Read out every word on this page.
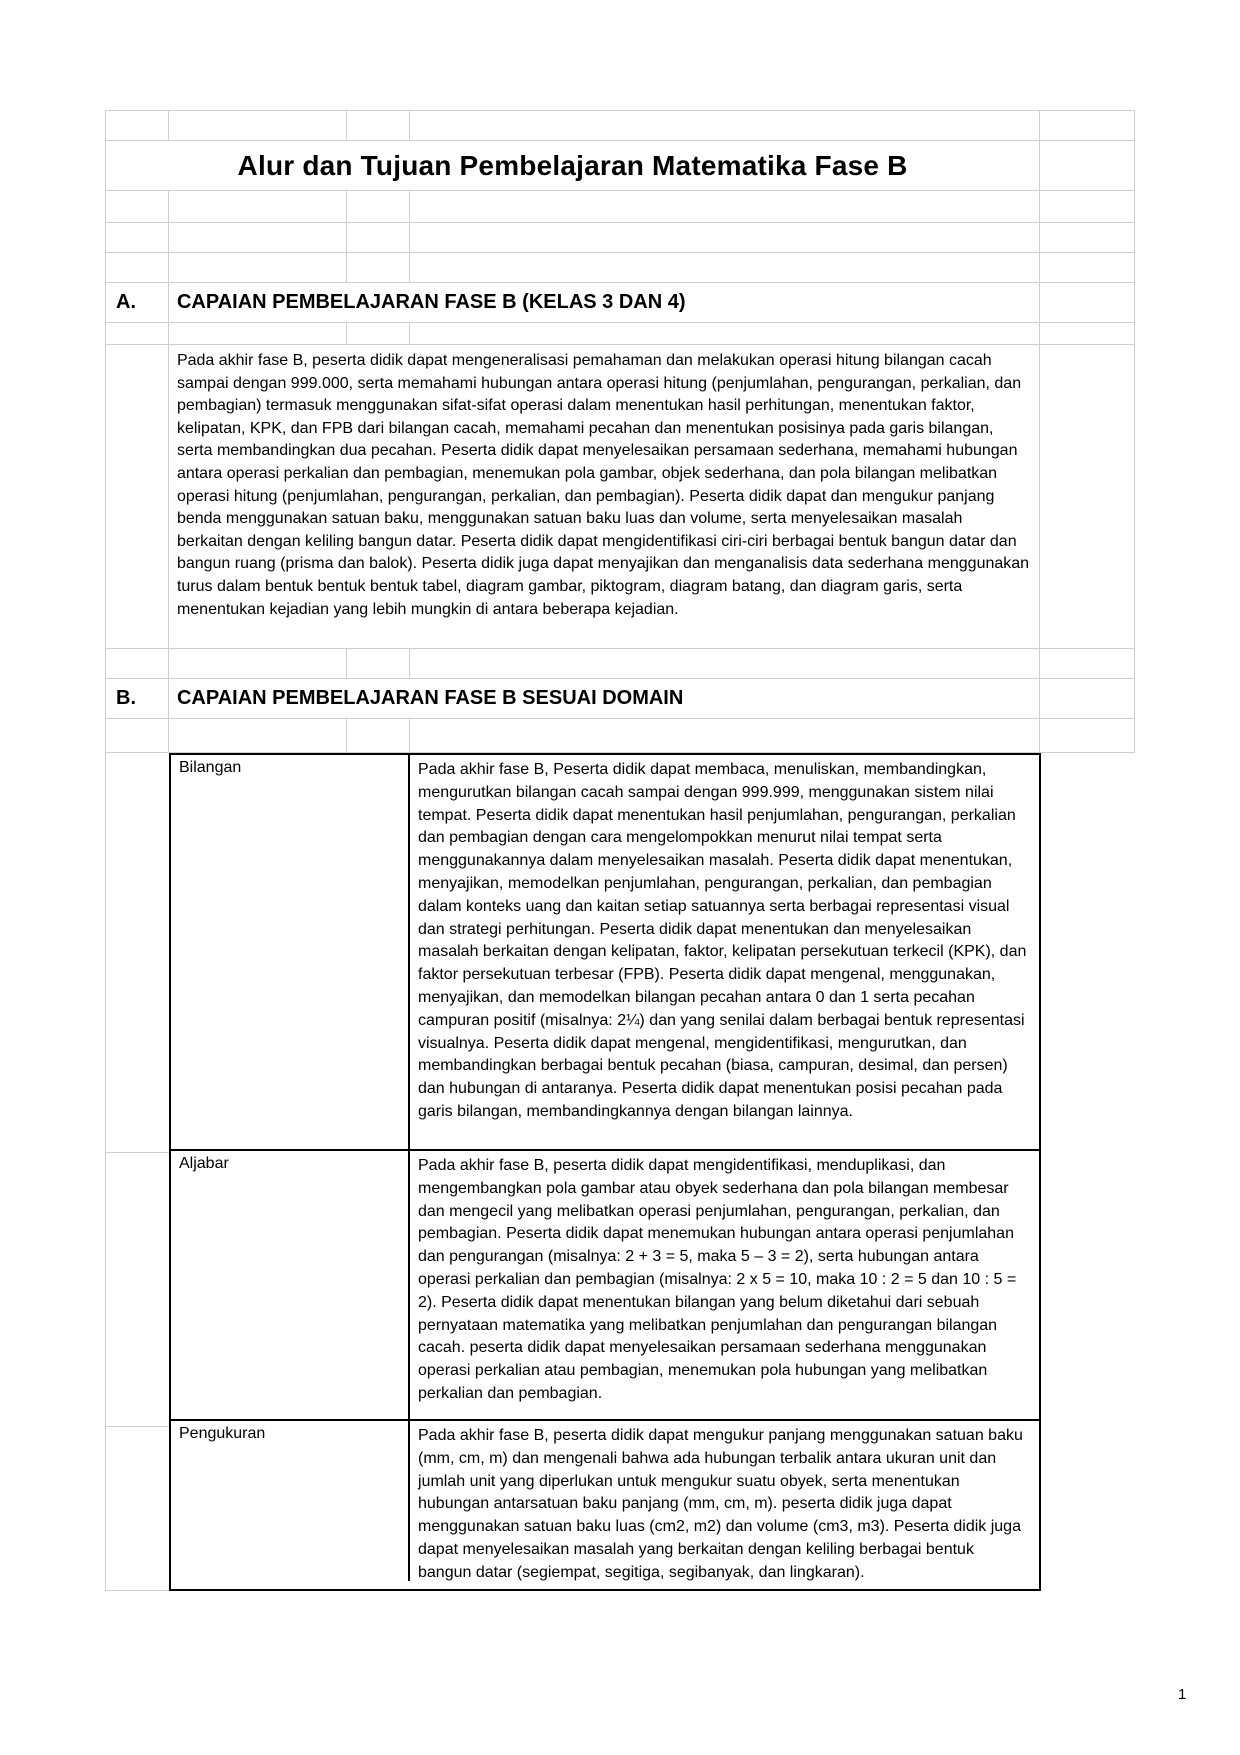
Alur dan Tujuan Pembelajaran Matematika Fase B
A.	CAPAIAN PEMBELAJARAN FASE B (KELAS 3 DAN 4)
Pada akhir fase B, peserta didik dapat mengeneralisasi pemahaman dan melakukan operasi hitung bilangan cacah sampai dengan 999.000, serta memahami hubungan antara operasi hitung (penjumlahan, pengurangan, perkalian, dan pembagian) termasuk menggunakan sifat-sifat operasi dalam menentukan hasil perhitungan, menentukan faktor, kelipatan, KPK, dan FPB dari bilangan cacah, memahami pecahan dan menentukan posisinya pada garis bilangan, serta membandingkan dua pecahan. Peserta didik dapat menyelesaikan persamaan sederhana, memahami hubungan antara operasi perkalian dan pembagian, menemukan pola gambar, objek sederhana, dan pola bilangan melibatkan operasi hitung (penjumlahan, pengurangan, perkalian, dan pembagian). Peserta didik dapat dan mengukur panjang benda menggunakan satuan baku, menggunakan satuan baku luas dan volume, serta menyelesaikan masalah berkaitan dengan keliling bangun datar. Peserta didik dapat mengidentifikasi ciri-ciri berbagai bentuk bangun datar dan bangun ruang (prisma dan balok). Peserta didik juga dapat menyajikan dan menganalisis data sederhana menggunakan turus dalam bentuk bentuk bentuk tabel, diagram gambar, piktogram, diagram batang, dan diagram garis, serta menentukan kejadian yang lebih mungkin di antara beberapa kejadian.
B.	CAPAIAN PEMBELAJARAN FASE B SESUAI DOMAIN
Bilangan	Pada akhir fase B, Peserta didik dapat membaca, menuliskan, membandingkan, mengurutkan bilangan cacah sampai dengan 999.999, menggunakan sistem nilai tempat. Peserta didik dapat menentukan hasil penjumlahan, pengurangan, perkalian dan pembagian dengan cara mengelompokkan menurut nilai tempat serta menggunakannya dalam menyelesaikan masalah. Peserta didik dapat menentukan, menyajikan, memodelkan penjumlahan, pengurangan, perkalian, dan pembagian dalam konteks uang dan kaitan setiap satuannya serta berbagai representasi visual dan strategi perhitungan. Peserta didik dapat menentukan dan menyelesaikan masalah berkaitan dengan kelipatan, faktor, kelipatan persekutuan terkecil (KPK), dan faktor persekutuan terbesar (FPB). Peserta didik dapat mengenal, menggunakan, menyajikan, dan memodelkan bilangan pecahan antara 0 dan 1 serta pecahan campuran positif (misalnya: 2¼) dan yang senilai dalam berbagai bentuk representasi visualnya. Peserta didik dapat mengenal, mengidentifikasi, mengurutkan, dan membandingkan berbagai bentuk pecahan (biasa, campuran, desimal, dan persen) dan hubungan di antaranya. Peserta didik dapat menentukan posisi pecahan pada garis bilangan, membandingkannya dengan bilangan lainnya.
Aljabar	Pada akhir fase B, peserta didik dapat mengidentifikasi, menduplikasi, dan mengembangkan pola gambar atau obyek sederhana dan pola bilangan membesar dan mengecil yang melibatkan operasi penjumlahan, pengurangan, perkalian, dan pembagian. Peserta didik dapat menemukan hubungan antara operasi penjumlahan dan pengurangan (misalnya: 2 + 3 = 5, maka 5 – 3 = 2), serta hubungan antara operasi perkalian dan pembagian (misalnya: 2 x 5 = 10, maka 10 : 2 = 5 dan 10 : 5 = 2). Peserta didik dapat menentukan bilangan yang belum diketahui dari sebuah pernyataan matematika yang melibatkan penjumlahan dan pengurangan bilangan cacah. peserta didik dapat menyelesaikan persamaan sederhana menggunakan operasi perkalian atau pembagian, menemukan pola hubungan yang melibatkan perkalian dan pembagian.
Pengukuran	Pada akhir fase B, peserta didik dapat mengukur panjang menggunakan satuan baku (mm, cm, m) dan mengenali bahwa ada hubungan terbalik antara ukuran unit dan jumlah unit yang diperlukan untuk mengukur suatu obyek, serta menentukan hubungan antarsatuan baku panjang (mm, cm, m). peserta didik juga dapat menggunakan satuan baku luas (cm2, m2) dan volume (cm3, m3). Peserta didik juga dapat menyelesaikan masalah yang berkaitan dengan keliling berbagai bentuk bangun datar (segiempat, segitiga, segibanyak, dan lingkaran).
1
